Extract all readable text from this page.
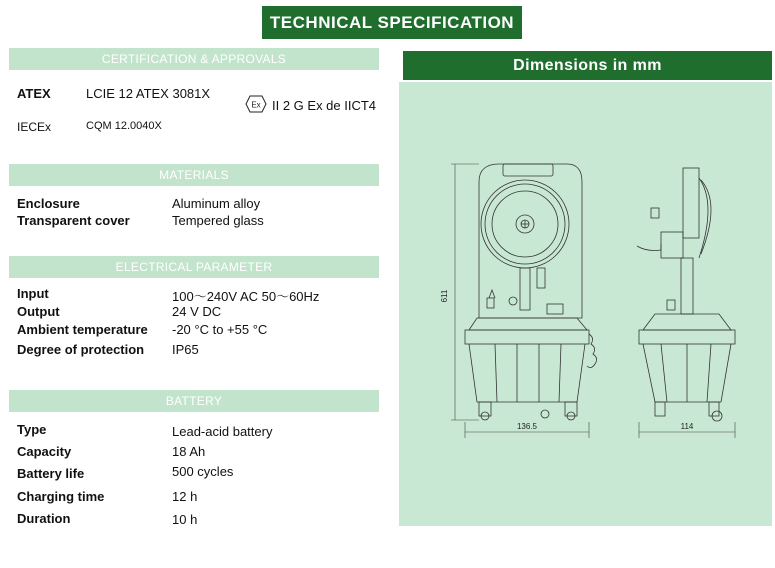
TECHNICAL SPECIFICATION
CERTIFICATION & APPROVALS
ATEX	LCIE 12 ATEX 3081X
IECEx	CQM 12.0040X
Ex II 2 G Ex de IICT4
MATERIALS
Enclosure	Aluminum alloy
Transparent cover	Tempered glass
ELECTRICAL PARAMETER
Input	100～240V AC 50～60Hz
Output	24 V DC
Ambient temperature -20 °C to +55 °C
Degree of protection IP65
BATTERY
Type	Lead-acid battery
Capacity	18 Ah
Battery life	500 cycles
Charging time	12 h
Duration	10 h
Dimensions in mm
611
136.5	114
